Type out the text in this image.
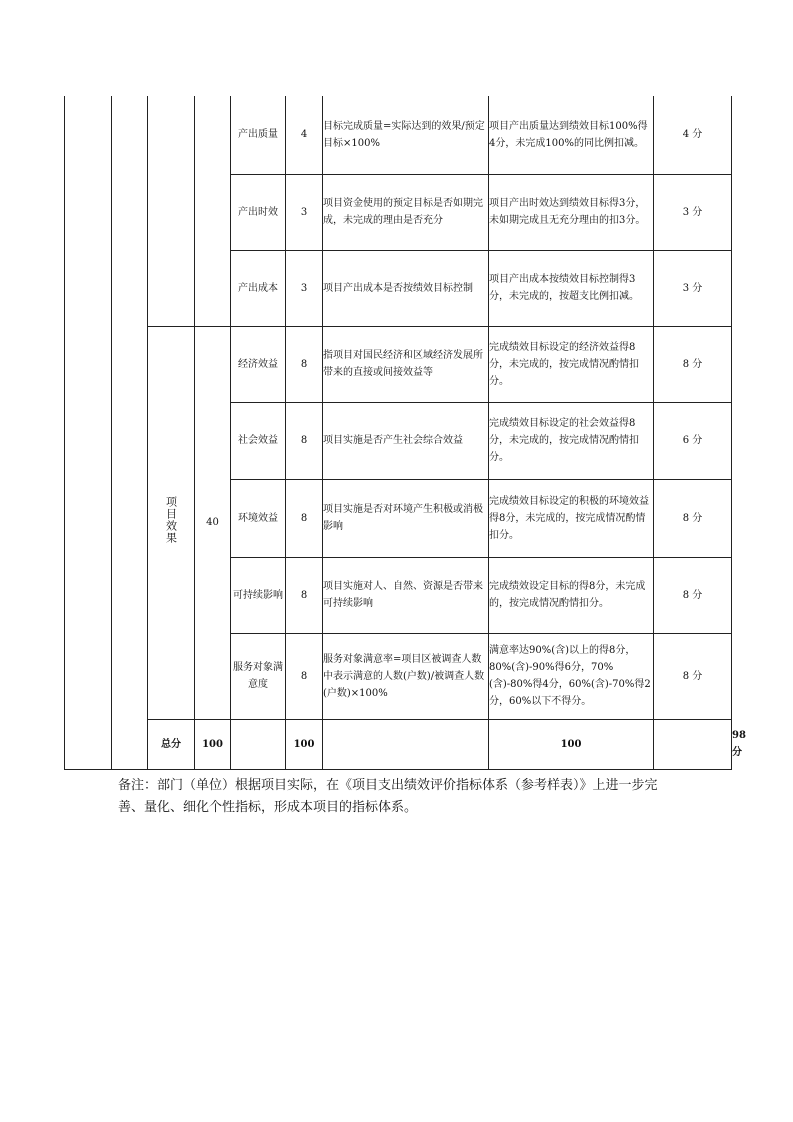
				产出质量	4	目标完成质量=实际达到的效果/预定目标×100%	项目产出质量达到绩效目标100%得4分，未完成100%的同比例扣减。	4 分	
				产出时效	3	项目资金使用的预定目标是否如期完成，未完成的理由是否充分	项目产出时效达到绩效目标得3分，未如期完成且无充分理由的扣3分。	3 分	
				产出成本	3	项目产出成本是否按绩效目标控制	项目产出成本按绩效目标控制得3分，未完成的，按超支比例扣减。	3 分	
		项目效果	40	经济效益	8	指项目对国民经济和区域经济发展所带来的直接或间接效益等	完成绩效目标设定的经济效益得8分，未完成的，按完成情况酌情扣分。	8 分	
				社会效益	8	项目实施是否产生社会综合效益	完成绩效目标设定的社会效益得8分，未完成的，按完成情况酌情扣分。	6 分	
				环境效益	8	项目实施是否对环境产生积极或消极影响	完成绩效目标设定的积极的环境效益得8分，未完成的，按完成情况酌情扣分。	8 分	
				可持续影响	8	项目实施对人、自然、资源是否带来可持续影响	完成绩效设定目标的得8分，未完成的，按完成情况酌情扣分。	8 分	
				服务对象满意度	8	服务对象满意率=项目区被调查人数中表示满意的人数(户数)/被调查人数(户数)×100%	满意率达90%(含)以上的得8分，80%(含)-90%得6分，70%(含)-80%得4分，60%(含)-70%得2分，60%以下不得分。	8 分	
		总分	100		100		100			98 分
备注：部门（单位）根据项目实际，在《项目支出绩效评价指标体系（参考样表）》上进一步完善、量化、细化个性指标，形成本项目的指标体系。
